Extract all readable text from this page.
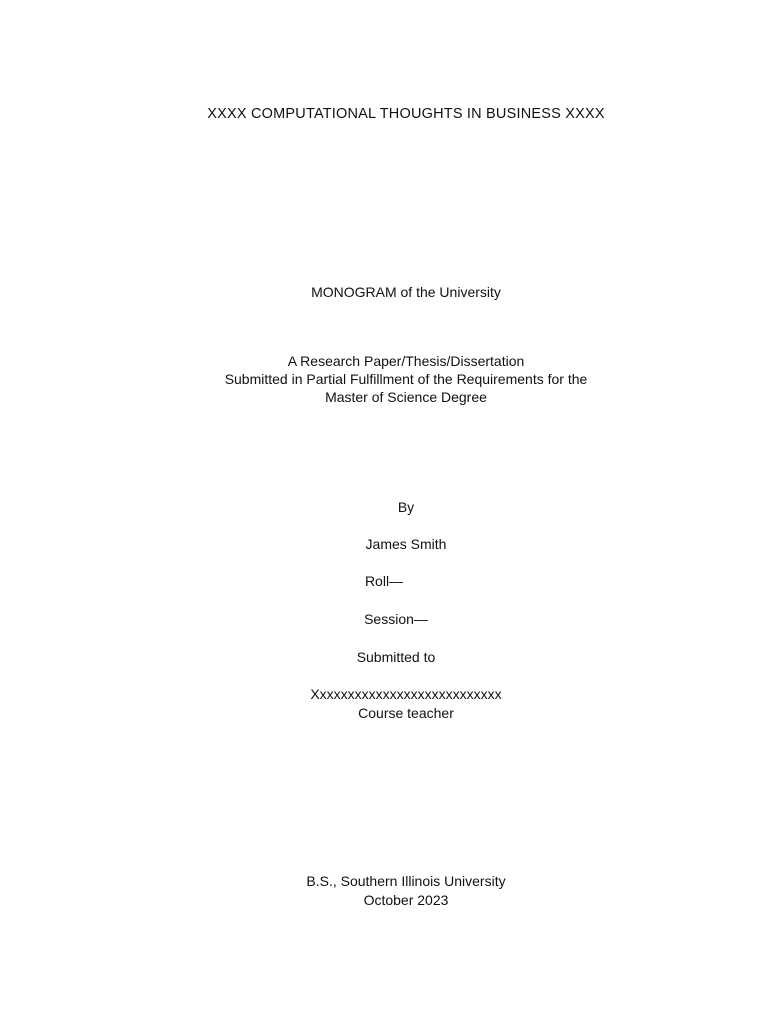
XXXX COMPUTATIONAL THOUGHTS IN BUSINESS XXXX
MONOGRAM of the University
A Research Paper/Thesis/Dissertation
Submitted in Partial Fulfillment of the Requirements for the
Master of Science Degree
By
James Smith
Roll—
Session—
Submitted to
Xxxxxxxxxxxxxxxxxxxxxxxxxxx
Course teacher
B.S., Southern Illinois University
October 2023
